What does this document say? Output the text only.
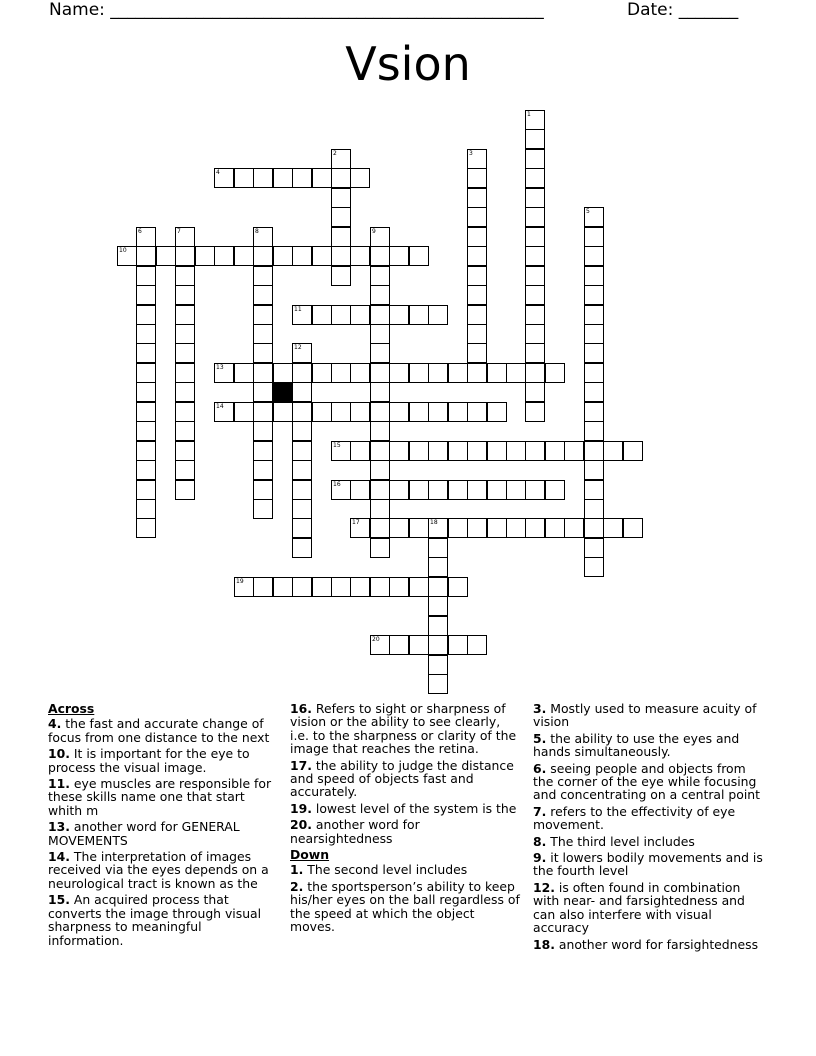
Name: ___________________________________________________	Date: _______
Vsion
4
10
11
13
14
15
16
17	18
19
20
1
2	3
5
6	7	8	9
12
Across
4. the fast and accurate change of focus from one distance to the next
10. It is important for the eye to process the visual image.
11. eye muscles are responsible for these skills name one that start whith m
13. another word for GENERAL MOVEMENTS
14. The interpretation of images received via the eyes depends on a neurological tract is known as the
15. An acquired process that converts the image through visual sharpness to meaningful information.
16. Refers to sight or sharpness of vision or the ability to see clearly, i.e. to the sharpness or clarity of the image that reaches the retina.
17. the ability to judge the distance and speed of objects fast and accurately.
19. lowest level of the system is the
20. another word for nearsightedness
Down
1. The second level includes
2. the sportsperson’s ability to keep his/her eyes on the ball regardless of the speed at which the object moves.
3. Mostly used to measure acuity of vision
5. the ability to use the eyes and hands simultaneously.
6. seeing people and objects from the corner of the eye while focusing and concentrating on a central point
7. refers to the effectivity of eye movement.
8. The third level includes
9. it lowers bodily movements and is the fourth level
12. is often found in combination with near- and farsightedness and can also interfere with visual accuracy
18. another word for farsightedness
